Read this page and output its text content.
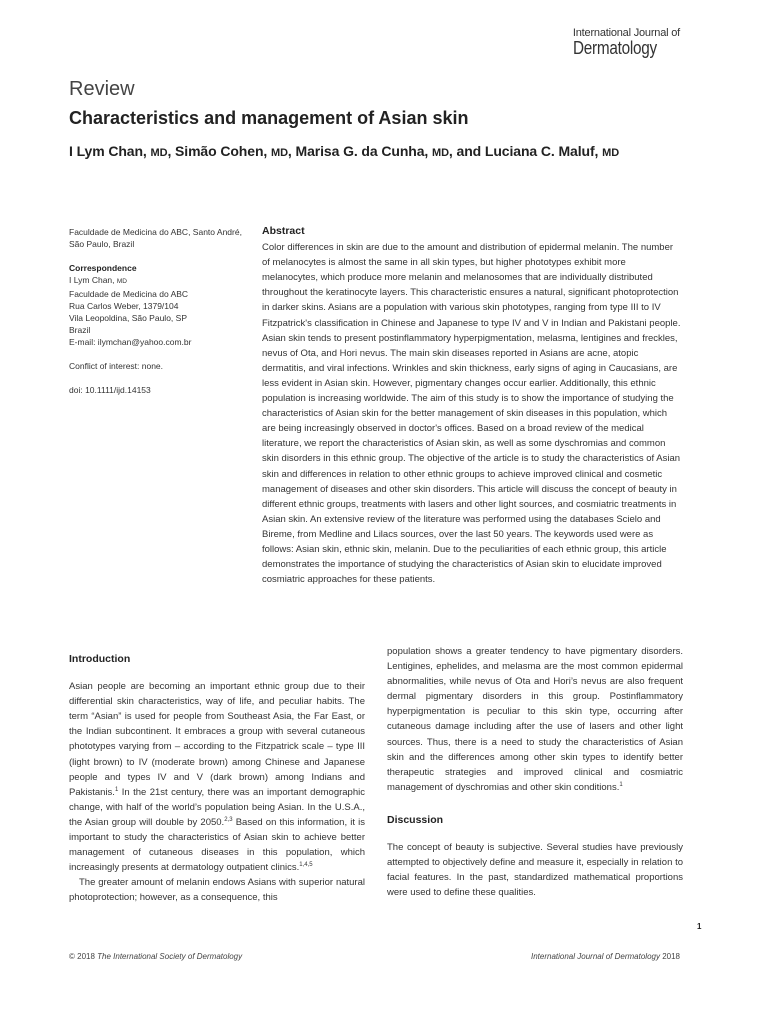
International Journal of
Dermatology
Review
Characteristics and management of Asian skin
I Lym Chan, MD, Simão Cohen, MD, Marisa G. da Cunha, MD, and Luciana C. Maluf, MD
Faculdade de Medicina do ABC, Santo André, São Paulo, Brazil
Correspondence
I Lym Chan, MD
Faculdade de Medicina do ABC
Rua Carlos Weber, 1379/104
Vila Leopoldina, São Paulo, SP
Brazil
E-mail: ilymchan@yahoo.com.br
Conflict of interest: none.
doi: 10.1111/ijd.14153
Abstract

Color differences in skin are due to the amount and distribution of epidermal melanin. The number of melanocytes is almost the same in all skin types, but higher phototypes exhibit more melanocytes, which produce more melanin and melanosomes that are individually distributed throughout the keratinocyte layers. This characteristic ensures a natural, significant photoprotection in darker skins. Asians are a population with various skin phototypes, ranging from type III to IV Fitzpatrick's classification in Chinese and Japanese to type IV and V in Indian and Pakistani people. Asian skin tends to present postinflammatory hyperpigmentation, melasma, lentigines and freckles, nevus of Ota, and Hori nevus. The main skin diseases reported in Asians are acne, atopic dermatitis, and viral infections. Wrinkles and skin thickness, early signs of aging in Caucasians, are less evident in Asian skin. However, pigmentary changes occur earlier. Additionally, this ethnic population is increasing worldwide. The aim of this study is to show the importance of studying the characteristics of Asian skin for the better management of skin diseases in this population, which are being increasingly observed in doctor's offices. Based on a broad review of the medical literature, we report the characteristics of Asian skin, as well as some dyschromias and common skin disorders in this ethnic group. The objective of the article is to study the characteristics of Asian skin and differences in relation to other ethnic groups to achieve improved clinical and cosmetic management of diseases and other skin disorders. This article will discuss the concept of beauty in different ethnic groups, treatments with lasers and other light sources, and cosmiatric treatments in Asian skin. An extensive review of the literature was performed using the databases Scielo and Bireme, from Medline and Lilacs sources, over the last 50 years. The keywords used were as follows: Asian skin, ethnic skin, melanin. Due to the peculiarities of each ethnic group, this article demonstrates the importance of studying the characteristics of Asian skin to elucidate improved cosmiatric approaches for these patients.

Introduction

Asian people are becoming an important ethnic group due to their differential skin characteristics, way of life, and peculiar habits. The term “Asian” is used for people from Southeast Asia, the Far East, or the Indian subcontinent. It embraces a group with several cutaneous phototypes varying from – according to the Fitzpatrick scale – type III (light brown) to IV (moderate brown) among Chinese and Japanese people and types IV and V (dark brown) among Indians and Pakistanis.$^1$ In the 21st century, there was an important demographic change, with half of the world’s population being Asian. In the U.S.A., the Asian group will double by 2050.$^{2,3}$ Based on this information, it is important to study the characteristics of Asian skin to achieve better management of cutaneous diseases in this population, which increasingly presents at dermatology outpatient clinics.$^{1,4,5}$

The greater amount of melanin endows Asians with superior natural photoprotection; however, as a consequence, this

population shows a greater tendency to have pigmentary disorders. Lentigines, ephelides, and melasma are the most common epidermal abnormalities, while nevus of Ota and Hori’s nevus are also frequent dermal pigmentary disorders in this group. Postinflammatory hyperpigmentation is peculiar to this skin type, occurring after cutaneous damage including after the use of lasers and other light sources. Thus, there is a need to study the characteristics of Asian skin and the differences among other skin types to identify better therapeutic strategies and improved clinical and cosmiatric management of dyschromias and other skin conditions.$^1$

Discussion

The concept of beauty is subjective. Several studies have previously attempted to objectively define and measure it, especially in relation to facial features. In the past, standardized mathematical proportions were used to define these qualities.

1
© 2018 The International Society of Dermatology	International Journal of Dermatology 2018
